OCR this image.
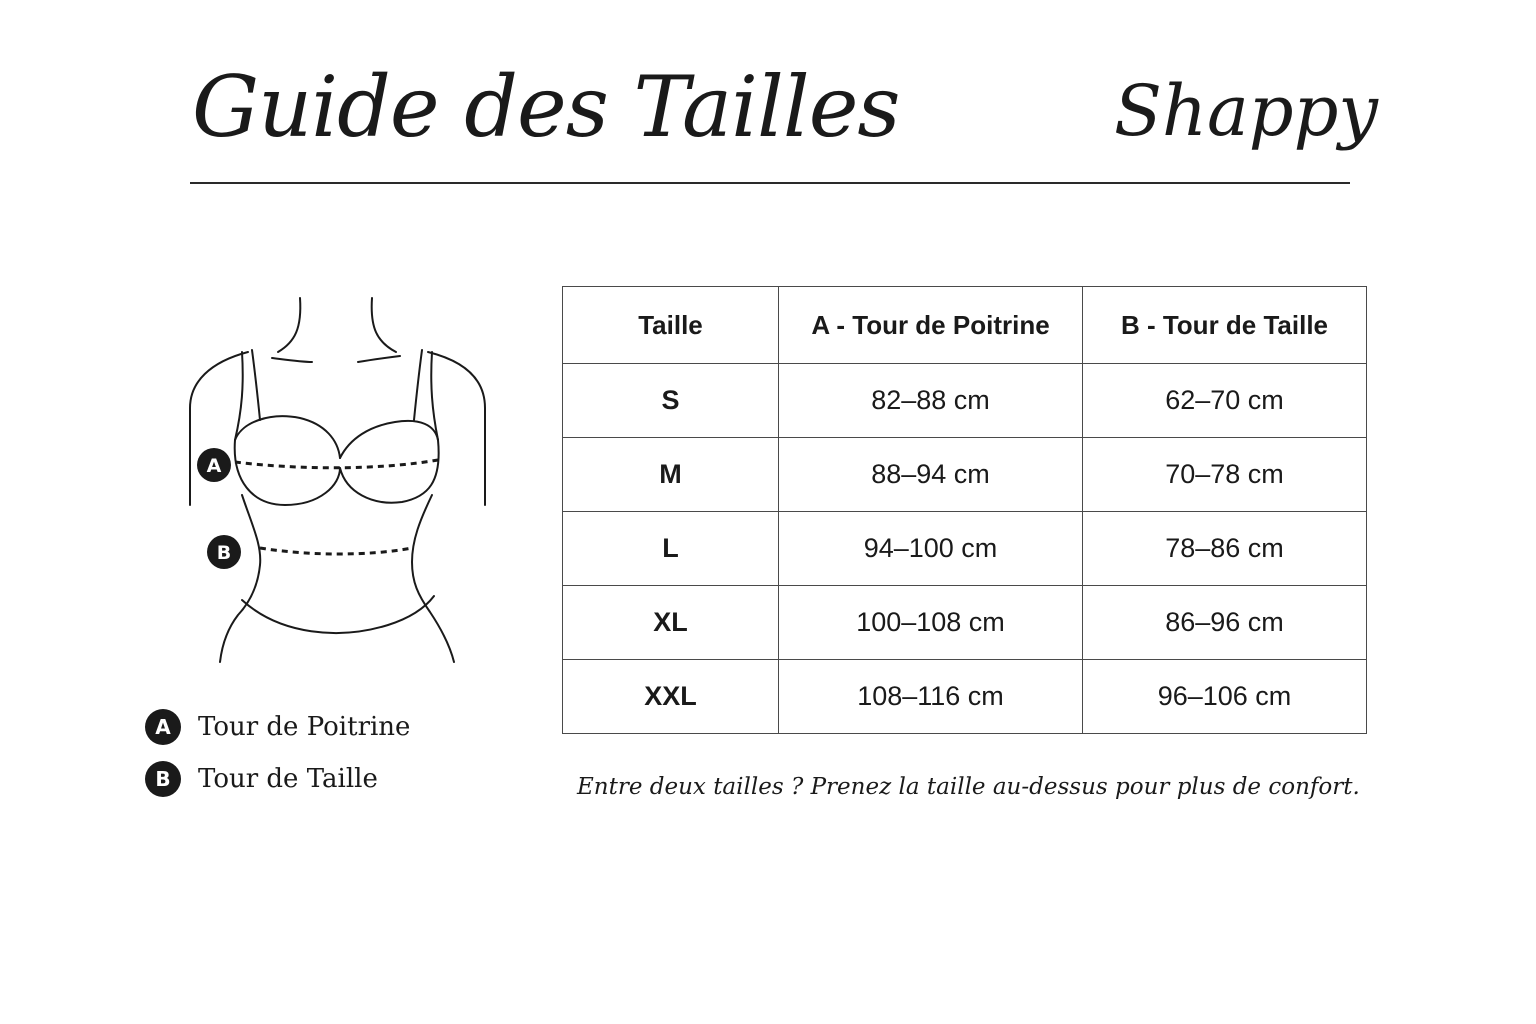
Guide des Tailles	Shappy
A
B
A	Tour de Poitrine
B	Tour de Taille
Taille	A - Tour de Poitrine	B - Tour de Taille
S	82–88 cm	62–70 cm
M	88–94 cm	70–78 cm
L	94–100 cm	78–86 cm
XL	100–108 cm	86–96 cm
XXL	108–116 cm	96–106 cm
Entre deux tailles ? Prenez la taille au-dessus pour plus de confort.
